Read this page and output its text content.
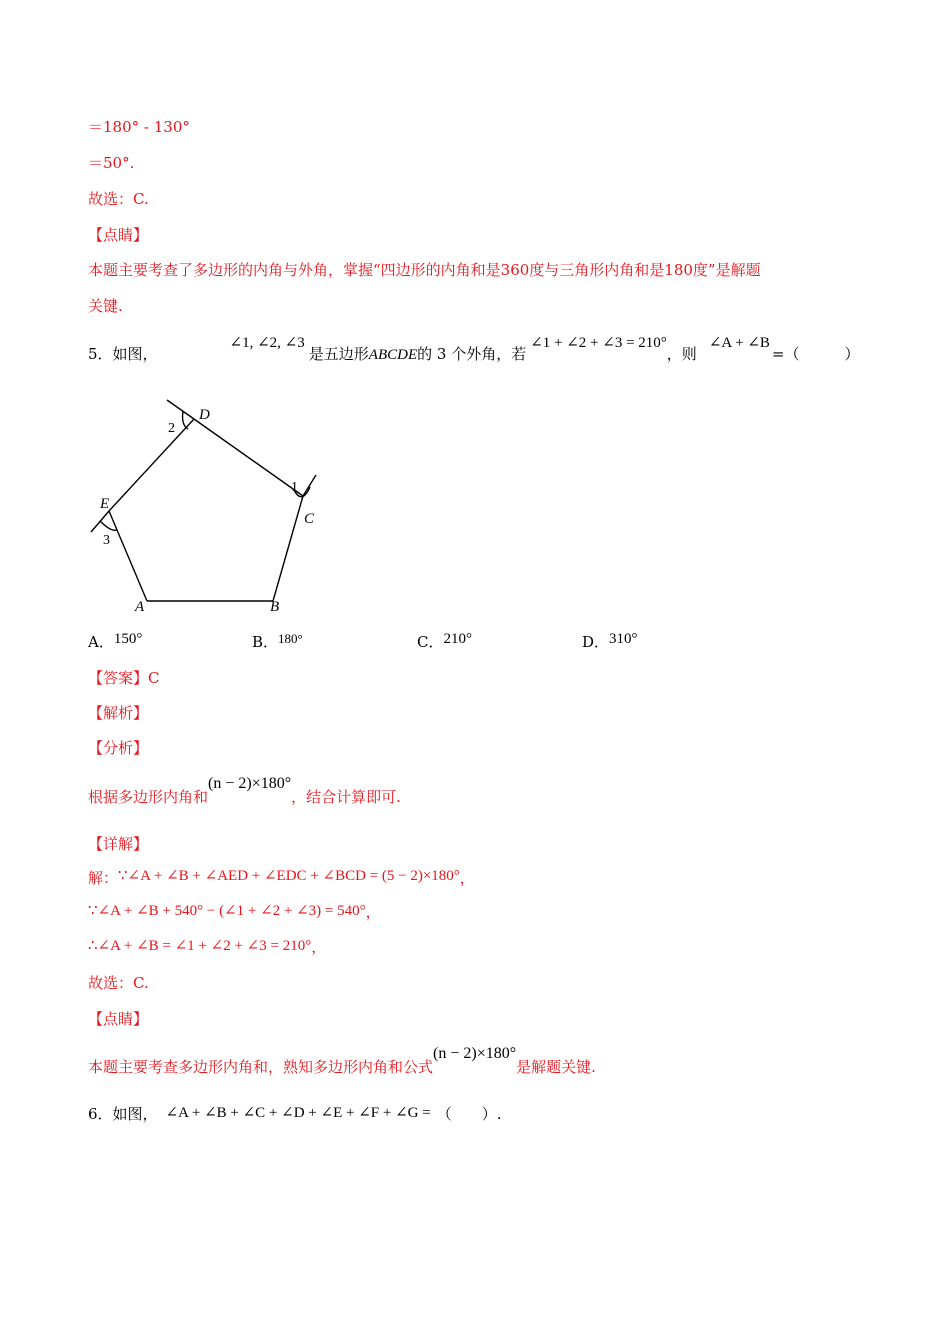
＝180° - 130°
＝50°.
故选：C.
【点睛】
本题主要考查了多边形的内角与外角，掌握“四边形的内角和是360度与三角形内角和是180度”是解题
关键.
5．如图，∠1, ∠2, ∠3是五边形ABCDE的 3 个外角，若∠1 + ∠2 + ∠3 = 210°，则∠A + ∠B=（　　　）
A	B
C
D
E
1
2
3
A．150°	B．180°	C．210°	D．310°
【答案】C
【解析】
【分析】
根据多边形内角和(n − 2)×180°，结合计算即可.
【详解】
解：∵∠A + ∠B + ∠AED + ∠EDC + ∠BCD = (5 − 2)×180°，
∵∠A + ∠B + 540° − (∠1 + ∠2 + ∠3) = 540°，
∴∠A + ∠B = ∠1 + ∠2 + ∠3 = 210°，
故选：C.
【点睛】
本题主要考查多边形内角和，熟知多边形内角和公式(n − 2)×180°是解题关键.
6．如图， ∠A + ∠B + ∠C + ∠D + ∠E + ∠F + ∠G = （　　）.
